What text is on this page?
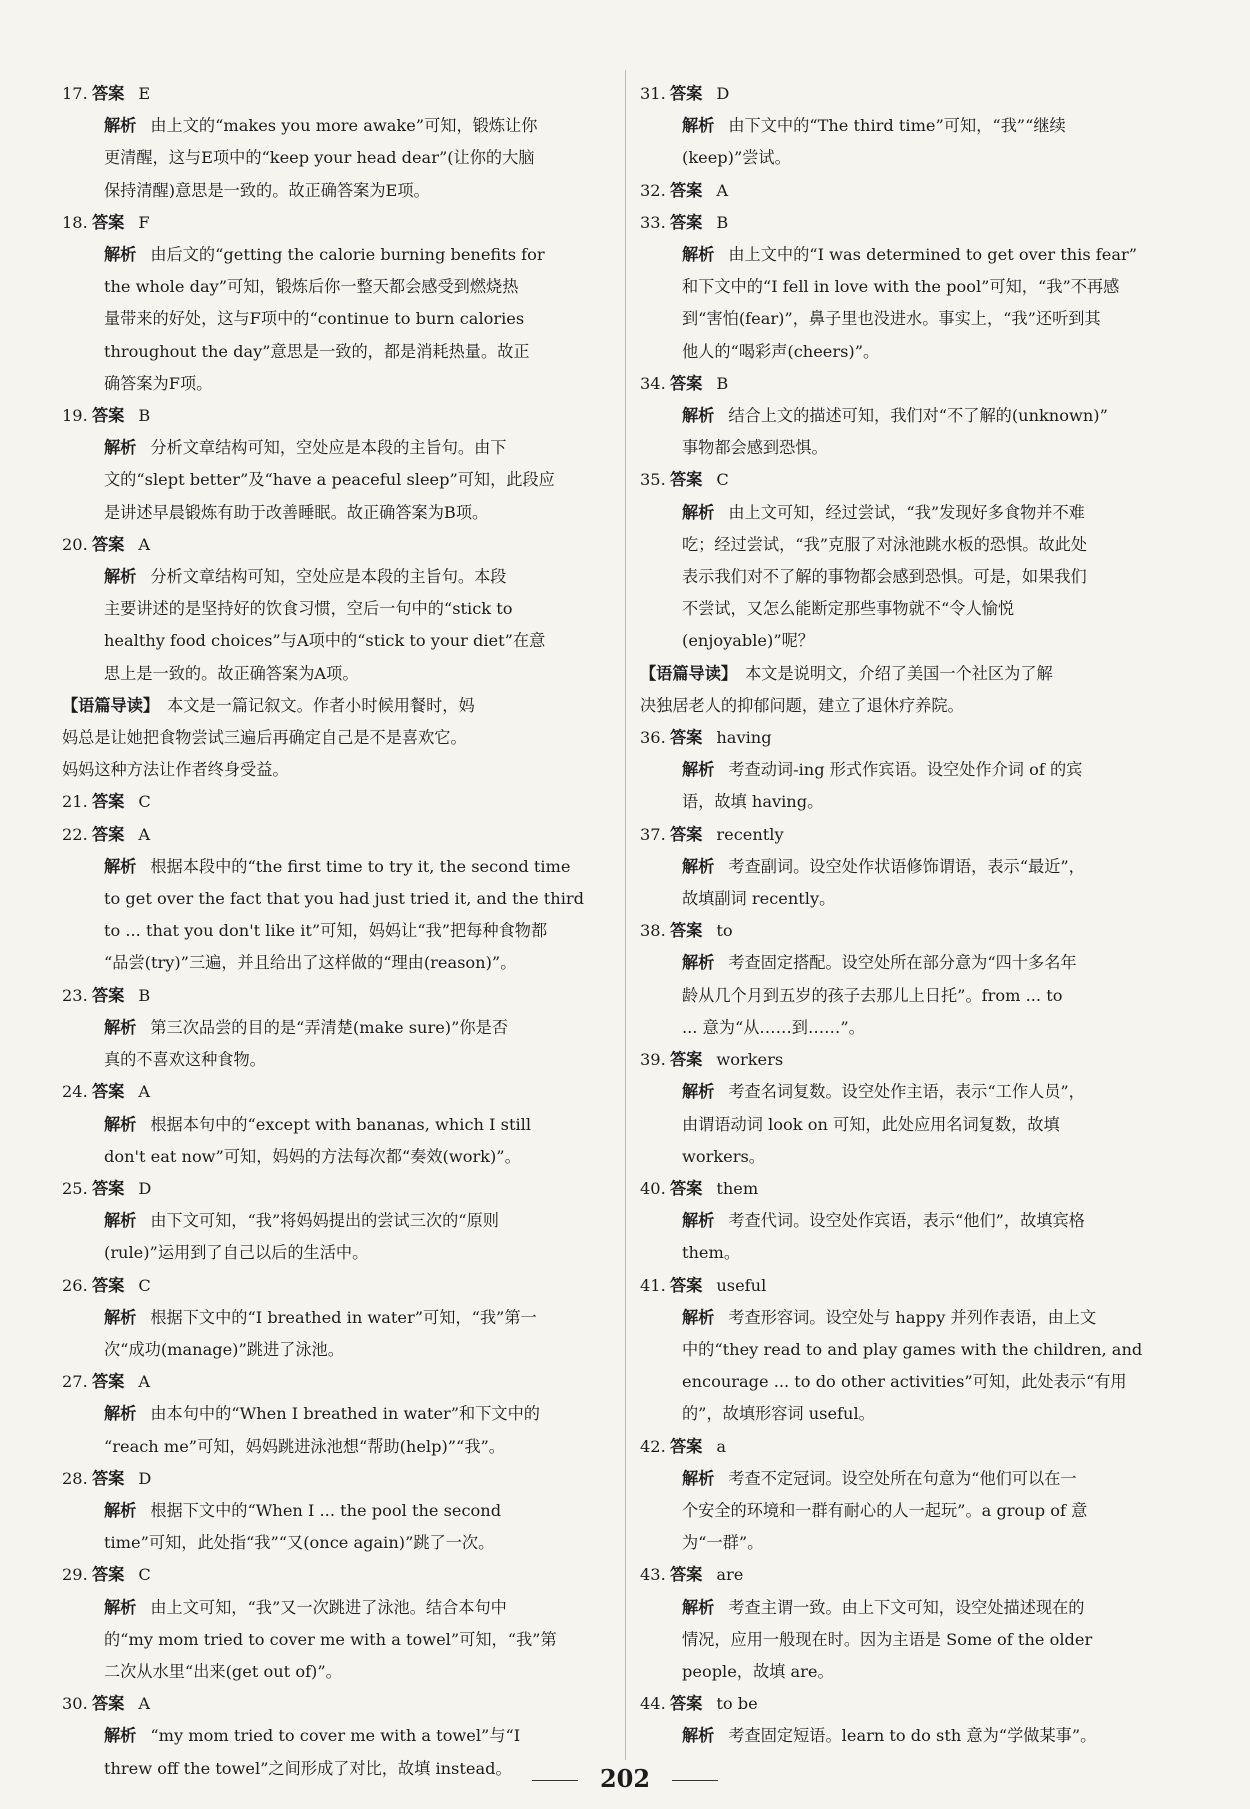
17. 答案 E

解析 由上文的“makes you more awake”可知，锻炼让你

更清醒，这与E项中的“keep your head dear”(让你的大脑

保持清醒)意思是一致的。故正确答案为E项。

18. 答案 F

解析 由后文的“getting the calorie burning benefits for

the whole day”可知，锻炼后你一整天都会感受到燃烧热

量带来的好处，这与F项中的“continue to burn calories

throughout the day”意思是一致的，都是消耗热量。故正

确答案为F项。

19. 答案 B

解析 分析文章结构可知，空处应是本段的主旨句。由下

文的“slept better”及“have a peaceful sleep”可知，此段应

是讲述早晨锻炼有助于改善睡眠。故正确答案为B项。

20. 答案 A

解析 分析文章结构可知，空处应是本段的主旨句。本段

主要讲述的是坚持好的饮食习惯，空后一句中的“stick to

healthy food choices”与A项中的“stick to your diet”在意

思上是一致的。故正确答案为A项。

【语篇导读】 本文是一篇记叙文。作者小时候用餐时，妈

妈总是让她把食物尝试三遍后再确定自己是不是喜欢它。

妈妈这种方法让作者终身受益。

21. 答案 C

22. 答案 A

解析 根据本段中的“the first time to try it, the second time

to get over the fact that you had just tried it, and the third

to ... that you don't like it”可知，妈妈让“我”把每种食物都

“品尝(try)”三遍，并且给出了这样做的“理由(reason)”。

23. 答案 B

解析 第三次品尝的目的是“弄清楚(make sure)”你是否

真的不喜欢这种食物。

24. 答案 A

解析 根据本句中的“except with bananas, which I still

don't eat now”可知，妈妈的方法每次都“奏效(work)”。

25. 答案 D

解析 由下文可知，“我”将妈妈提出的尝试三次的“原则

(rule)”运用到了自己以后的生活中。

26. 答案 C

解析 根据下文中的“I breathed in water”可知，“我”第一

次“成功(manage)”跳进了泳池。

27. 答案 A

解析 由本句中的“When I breathed in water”和下文中的

“reach me”可知，妈妈跳进泳池想“帮助(help)”“我”。

28. 答案 D

解析 根据下文中的“When I ... the pool the second

time”可知，此处指“我”“又(once again)”跳了一次。

29. 答案 C

解析 由上文可知，“我”又一次跳进了泳池。结合本句中

的“my mom tried to cover me with a towel”可知，“我”第

二次从水里“出来(get out of)”。

30. 答案 A

解析 “my mom tried to cover me with a towel”与“I

threw off the towel”之间形成了对比，故填 instead。

31. 答案 D

解析 由下文中的“The third time”可知，“我”“继续

(keep)”尝试。

32. 答案 A

33. 答案 B

解析 由上文中的“I was determined to get over this fear”

和下文中的“I fell in love with the pool”可知，“我”不再感

到“害怕(fear)”，鼻子里也没进水。事实上，“我”还听到其

他人的“喝彩声(cheers)”。

34. 答案 B

解析 结合上文的描述可知，我们对“不了解的(unknown)”

事物都会感到恐惧。

35. 答案 C

解析 由上文可知，经过尝试，“我”发现好多食物并不难

吃；经过尝试，“我”克服了对泳池跳水板的恐惧。故此处

表示我们对不了解的事物都会感到恐惧。可是，如果我们

不尝试，又怎么能断定那些事物就不“令人愉悦

(enjoyable)”呢？

【语篇导读】 本文是说明文，介绍了美国一个社区为了解

决独居老人的抑郁问题，建立了退休疗养院。

36. 答案 having

解析 考查动词-ing 形式作宾语。设空处作介词 of 的宾

语，故填 having。

37. 答案 recently

解析 考查副词。设空处作状语修饰谓语，表示“最近”，

故填副词 recently。

38. 答案 to

解析 考查固定搭配。设空处所在部分意为“四十多名年

龄从几个月到五岁的孩子去那儿上日托”。from ... to

... 意为“从……到……”。

39. 答案 workers

解析 考查名词复数。设空处作主语，表示“工作人员”，

由谓语动词 look on 可知，此处应用名词复数，故填

workers。

40. 答案 them

解析 考查代词。设空处作宾语，表示“他们”，故填宾格

them。

41. 答案 useful

解析 考查形容词。设空处与 happy 并列作表语，由上文

中的“they read to and play games with the children, and

encourage ... to do other activities”可知，此处表示“有用

的”，故填形容词 useful。

42. 答案 a

解析 考查不定冠词。设空处所在句意为“他们可以在一

个安全的环境和一群有耐心的人一起玩”。a group of 意

为“一群”。

43. 答案 are

解析 考查主谓一致。由上下文可知，设空处描述现在的

情况，应用一般现在时。因为主语是 Some of the older

people，故填 are。

44. 答案 to be

解析 考查固定短语。learn to do sth 意为“学做某事”。

202
